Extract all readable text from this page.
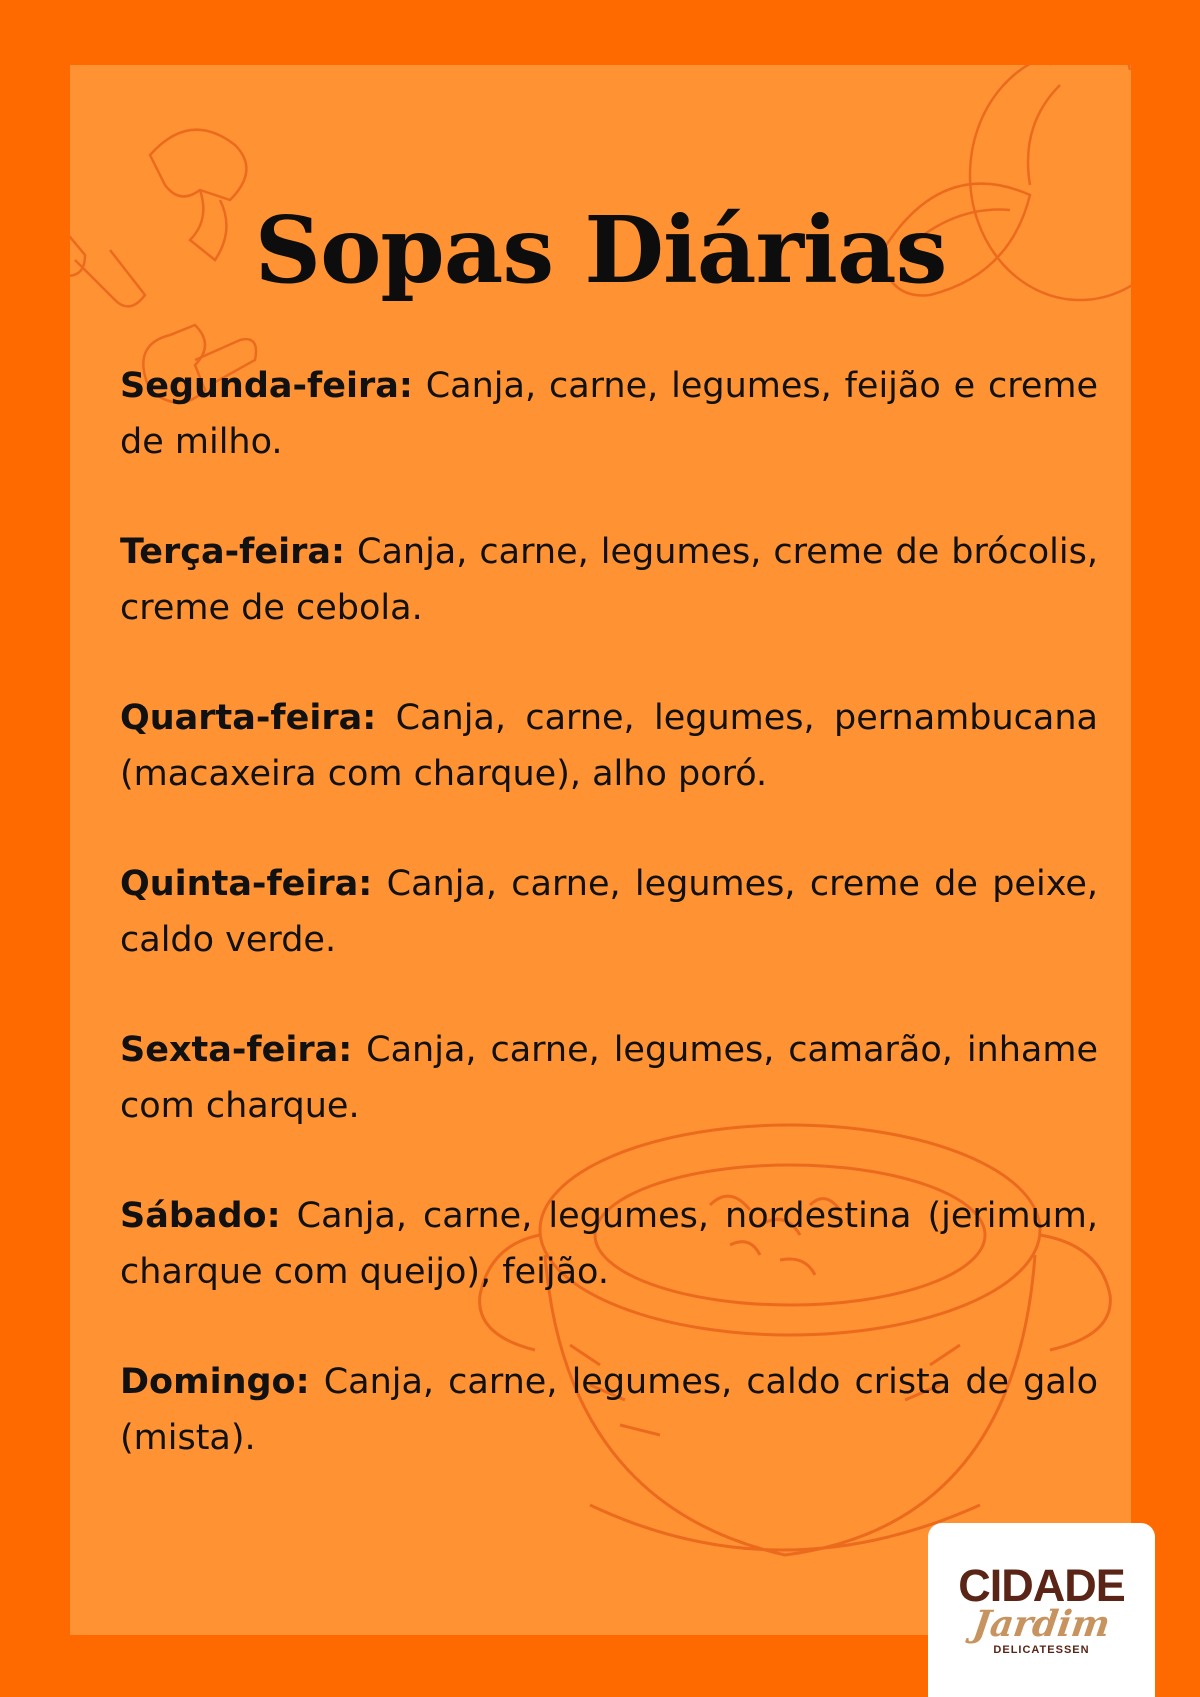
Sopas Diárias

Segunda-feira: Canja, carne, legumes, feijão e creme de milho.

Terça-feira: Canja, carne, legumes, creme de brócolis, creme de cebola.

Quarta-feira: Canja, carne, legumes, pernambucana (macaxeira com charque), alho poró.

Quinta-feira: Canja, carne, legumes, creme de peixe, caldo verde.

Sexta-feira: Canja, carne, legumes, camarão, inhame com charque.

Sábado: Canja, carne, legumes, nordestina (jerimum, charque com queijo), feijão.

Domingo: Canja, carne, legumes, caldo crista de galo (mista).

CIDADE
Jardim
DELICATESSEN
